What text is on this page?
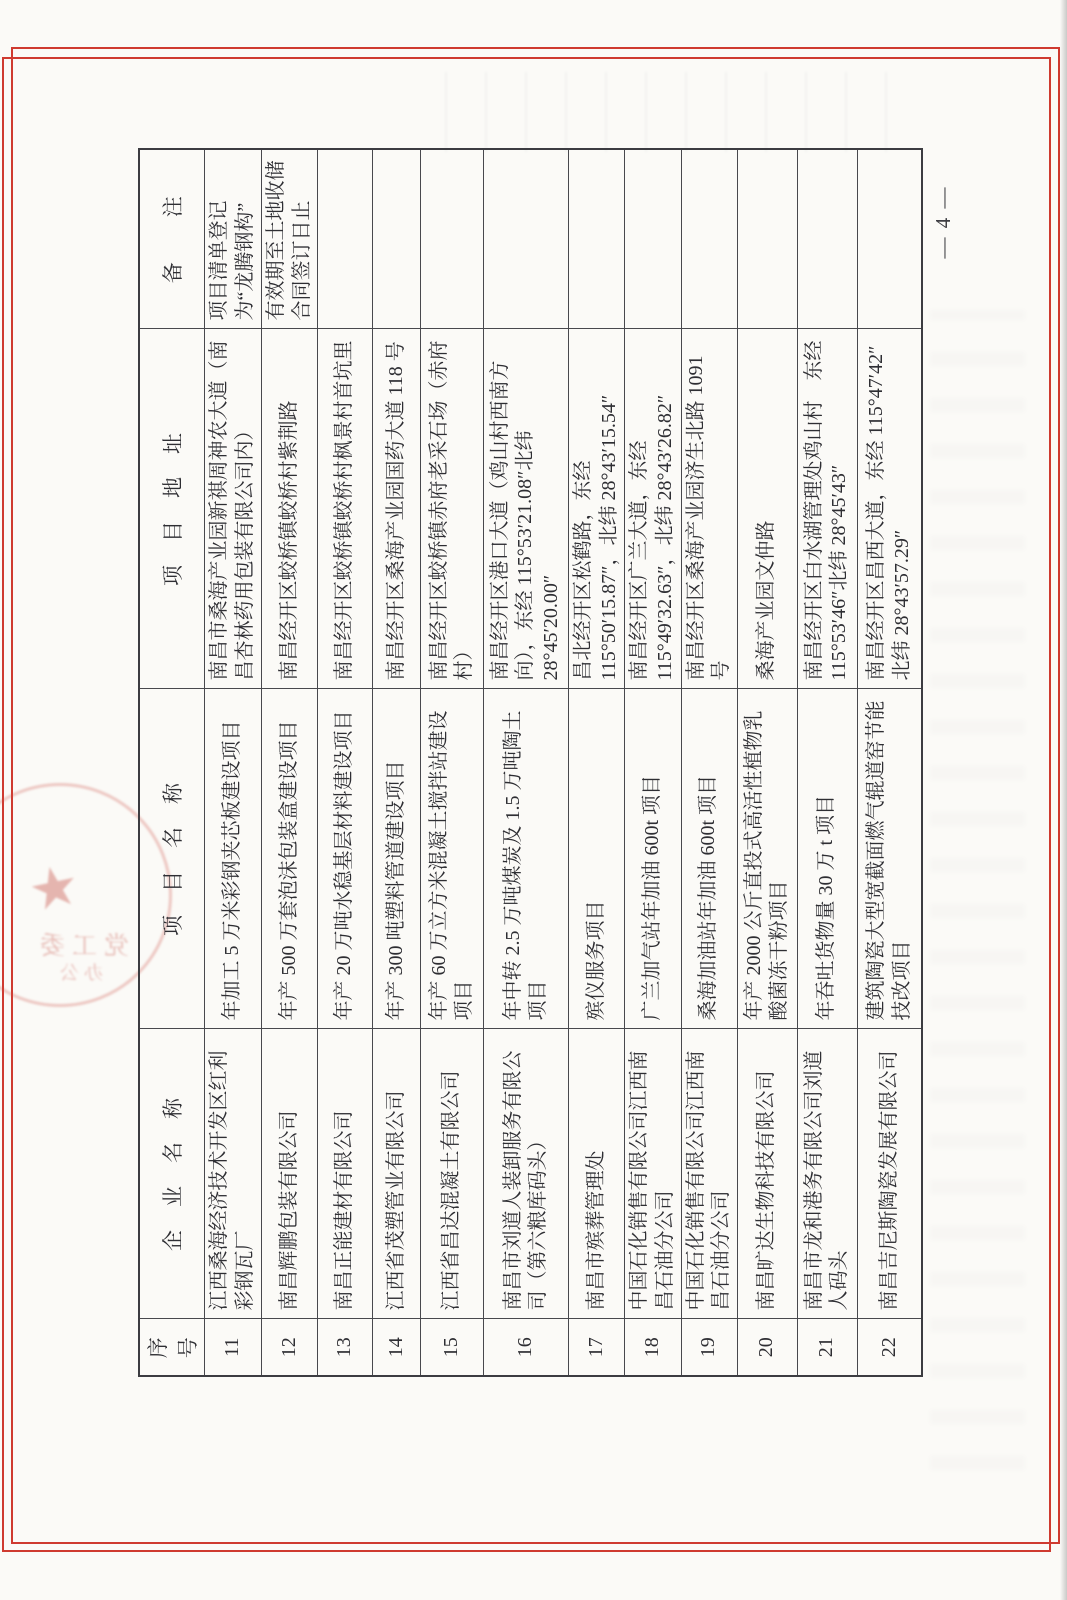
★
党工委
办公
序号	企　业　名　称	项　目　名　称	项　目　地　址	备　　注
11	江西桑海经济技术开发区红利彩钢瓦厂	年加工 5 万米彩钢夹芯板建设项目	南昌市桑海产业园新祺周神农大道（南昌杏林药用包装有限公司内）	项目清单登记为“龙腾钢构”
12	南昌辉鹏包装有限公司	年产 500 万套泡沫包装盒建设项目	南昌经开区蛟桥镇蛟桥村紫荆路	有效期至土地收储合同签订日止
13	南昌正能建材有限公司	年产 20 万吨水稳基层材料建设项目	南昌经开区蛟桥镇蛟桥村枫景村首坑里	
14	江西省茂塑管业有限公司	年产 300 吨塑料管道建设项目	南昌经开区桑海产业园国药大道 118 号	
15	江西省昌达混凝土有限公司	年产 60 万立方米混凝土搅拌站建设项目	南昌经开区蛟桥镇赤府老采石场（赤府村）	
16	南昌市刘道人装卸服务有限公司（第六粮库码头）	年中转 2.5 万吨煤炭及 1.5 万吨陶土项目	南昌经开区港口大道（鸡山村西南方向），东经 115°53′21.08″北纬 28°45′20.00″	
17	南昌市殡葬管理处	殡仪服务项目	昌北经开区松鹤路，东经 115°50′15.87″，北纬 28°43′15.54″	
18	中国石化销售有限公司江西南昌石油分公司	广兰加气站年加油 600t 项目	南昌经开区广兰大道，东经 115°49′32.63″，北纬 28°43′26.82″	
19	中国石化销售有限公司江西南昌石油分公司	桑海加油站年加油 600t 项目	南昌经开区桑海产业园济生北路 1091 号	
20	南昌旷达生物科技有限公司	年产 2000 公斤直投式高活性植物乳酸菌冻干粉项目	桑海产业园文仲路	
21	南昌市龙和港务有限公司刘道人码头	年吞吐货物量 30 万 t 项目	南昌经开区白水湖管理处鸡山村　东经 115°53′46″北纬 28°45′43″	
22	南昌吉尼斯陶瓷发展有限公司	建筑陶瓷大型宽截面燃气辊道窑节能技改项目	南昌经开区昌西大道，东经 115°47′42″北纬 28°43′57.29″	
— 4 —
